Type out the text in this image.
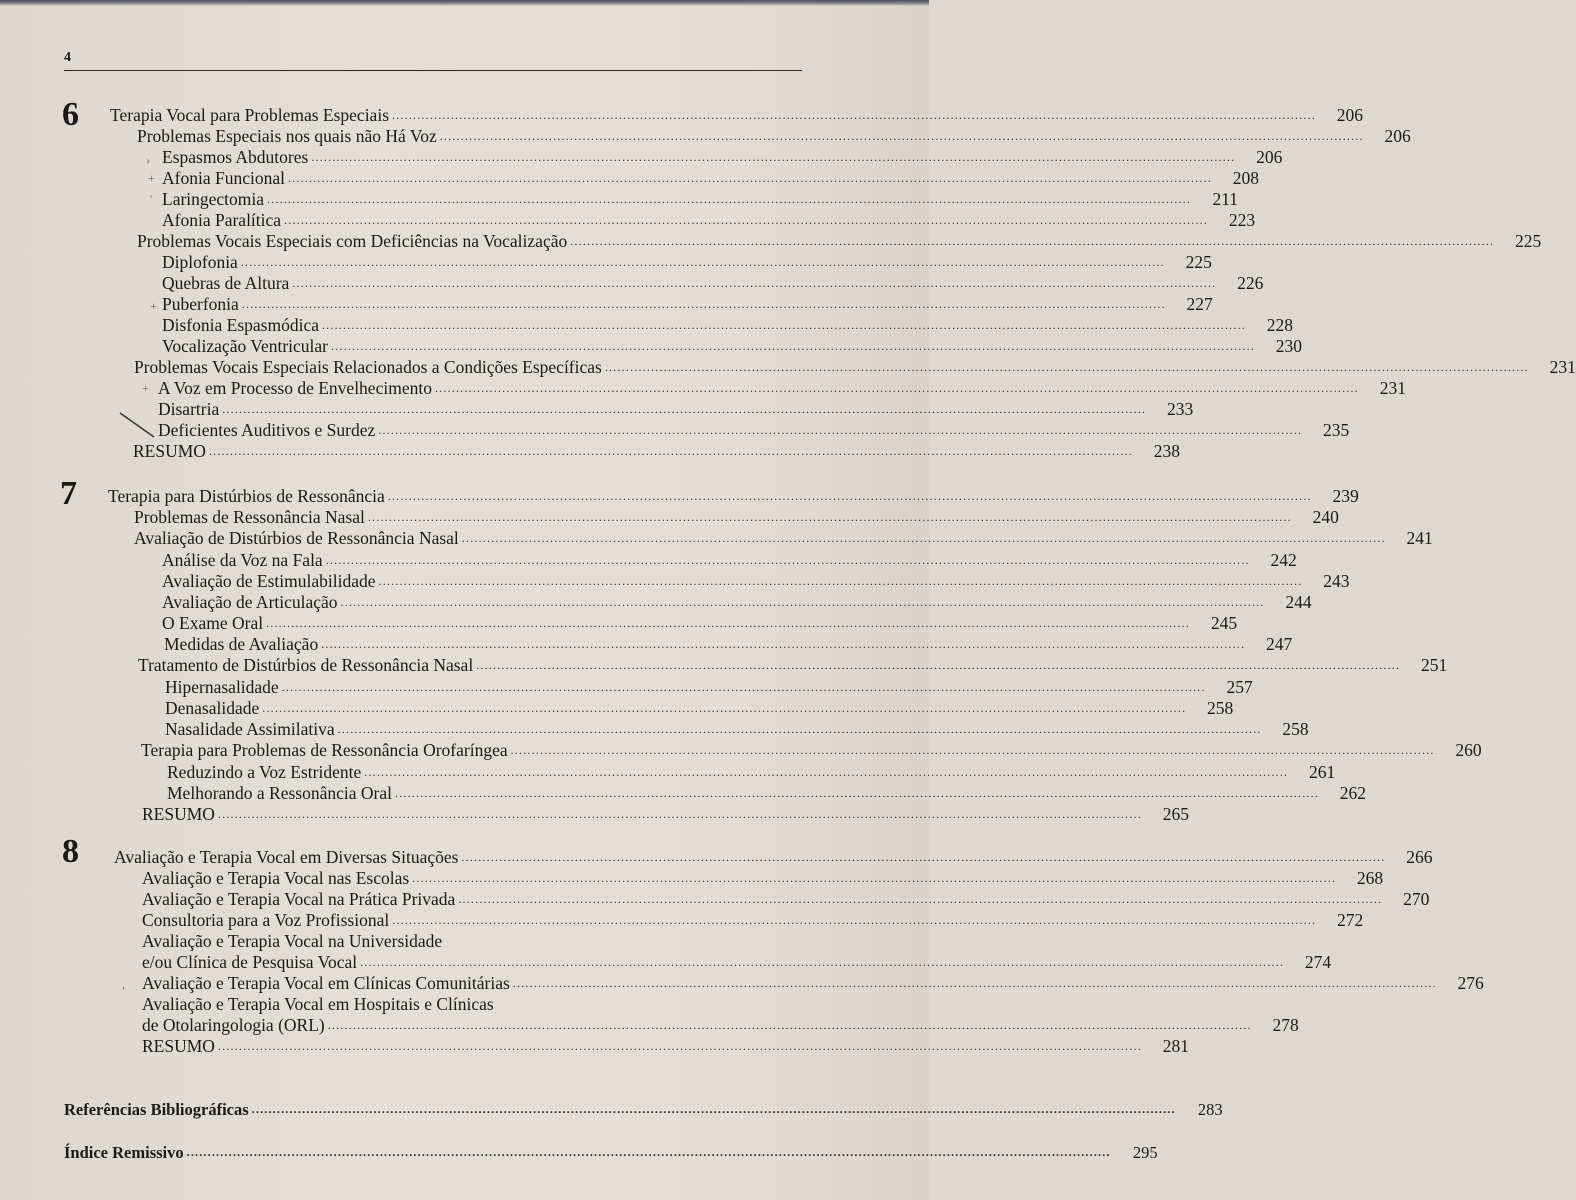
4
6 Terapia Vocal para Problemas Especiais ............................................................................................................................................................................................................................	206
Problemas Especiais nos quais não Há Voz ............................................................................................................................................................................................................................	206
Espasmos Abdutores ............................................................................................................................................................................................................................	206
Afonia Funcional ............................................................................................................................................................................................................................	208
Laringectomia ............................................................................................................................................................................................................................	211
Afonia Paralítica ............................................................................................................................................................................................................................	223
Problemas Vocais Especiais com Deficiências na Vocalização ............................................................................................................................................................................................................................	225
Diplofonia ............................................................................................................................................................................................................................	225
Quebras de Altura ............................................................................................................................................................................................................................	226
Puberfonia ............................................................................................................................................................................................................................	227
Disfonia Espasmódica ............................................................................................................................................................................................................................	228
Vocalização Ventricular ............................................................................................................................................................................................................................	230
Problemas Vocais Especiais Relacionados a Condições Específicas ............................................................................................................................................................................................................................	231
A Voz em Processo de Envelhecimento ............................................................................................................................................................................................................................	231
Disartria ............................................................................................................................................................................................................................	233
Deficientes Auditivos e Surdez ............................................................................................................................................................................................................................	235
RESUMO ............................................................................................................................................................................................................................	238
›
+
'
+
+
7 Terapia para Distúrbios de Ressonância ............................................................................................................................................................................................................................	239
Problemas de Ressonância Nasal ............................................................................................................................................................................................................................	240
Avaliação de Distúrbios de Ressonância Nasal ............................................................................................................................................................................................................................	241
Análise da Voz na Fala ............................................................................................................................................................................................................................	242
Avaliação de Estimulabilidade ............................................................................................................................................................................................................................	243
Avaliação de Articulação ............................................................................................................................................................................................................................	244
O Exame Oral ............................................................................................................................................................................................................................	245
Medidas de Avaliação ............................................................................................................................................................................................................................	247
Tratamento de Distúrbios de Ressonância Nasal ............................................................................................................................................................................................................................	251
Hipernasalidade ............................................................................................................................................................................................................................	257
Denasalidade ............................................................................................................................................................................................................................	258
Nasalidade Assimilativa ............................................................................................................................................................................................................................	258
Terapia para Problemas de Ressonância Orofaríngea ............................................................................................................................................................................................................................	260
Reduzindo a Voz Estridente ............................................................................................................................................................................................................................	261
Melhorando a Ressonância Oral ............................................................................................................................................................................................................................	262
RESUMO ............................................................................................................................................................................................................................	265
8 Avaliação e Terapia Vocal em Diversas Situações ............................................................................................................................................................................................................................	266
Avaliação e Terapia Vocal nas Escolas ............................................................................................................................................................................................................................	268
Avaliação e Terapia Vocal na Prática Privada ............................................................................................................................................................................................................................	270
Consultoria para a Voz Profissional ............................................................................................................................................................................................................................	272
Avaliação e Terapia Vocal na Universidade
e/ou Clínica de Pesquisa Vocal ............................................................................................................................................................................................................................	274
Avaliação e Terapia Vocal em Clínicas Comunitárias ............................................................................................................................................................................................................................	276
Avaliação e Terapia Vocal em Hospitais e Clínicas
de Otolaringologia (ORL) ............................................................................................................................................................................................................................	278
RESUMO ............................................................................................................................................................................................................................	281
,
Referências Bibliográficas ............................................................................................................................................................................................................................	283
Índice Remissivo ............................................................................................................................................................................................................................	295
